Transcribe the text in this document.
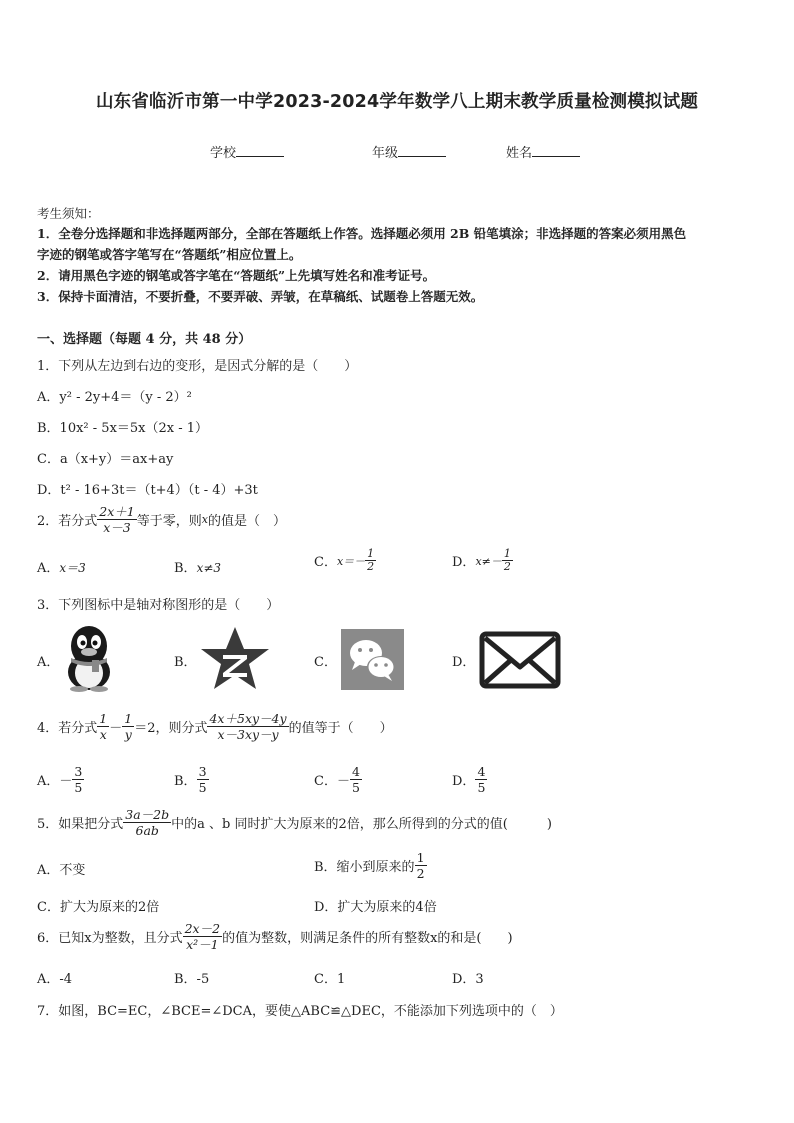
山东省临沂市第一中学2023-2024学年数学八上期末教学质量检测模拟试题
学校	年级	姓名
考生须知：
1．全卷分选择题和非选择题两部分，全部在答题纸上作答。选择题必须用 2B 铅笔填涂；非选择题的答案必须用黑色
字迹的钢笔或答字笔写在“答题纸”相应位置上。
2．请用黑色字迹的钢笔或答字笔在“答题纸”上先填写姓名和准考证号。
3．保持卡面清洁，不要折叠，不要弄破、弄皱，在草稿纸、试题卷上答题无效。
一、选择题（每题 4 分，共 48 分）
1．下列从左边到右边的变形，是因式分解的是（　　）
A．y² - 2y+4＝（y - 2）²
B．10x² - 5x＝5x（2x - 1）
C．a（x+y）＝ax+ay
D．t² - 16+3t＝（t+4）（t - 4）+3t
2．若分式 $\frac{2x+1}{x-3}$ 等于零，则 x 的值是（　）
A．x＝3	B．x≠3	C． $x=- \frac{1}{2}$	D． $x\ne- \frac{1}{2}$
3．下列图标中是轴对称图形的是（　　）
A．	B．	C．	D．
4．若分式 $\frac{1}{x} - \frac{1}{y} =2$，则分式 $\frac{4x+5xy-4y}{x-3xy-y}$ 的值等于（　　）
A．－ $\frac{3}{5}$	B． $\frac{3}{5}$	C．－ $\frac{4}{5}$	D． $\frac{4}{5}$
5．如果把分式 $\frac{3a-2b}{6ab}$ 中的a 、b 同时扩大为原来的2倍，那么所得到的分式的值(　　　)
A．不变	B．缩小到原来的 $\frac{1}{2}$
C．扩大为原来的2倍	D．扩大为原来的4倍
6．已知x为整数，且分式 $\frac{2x-2}{\text{x²－1}}$ 的值为整数，则满足条件的所有整数x的和是(　　)
A．-4	B．-5	C．1	D．3
7．如图，BC=EC，∠BCE=∠DCA，要使△ABC≌△DEC，不能添加下列选项中的（　）
